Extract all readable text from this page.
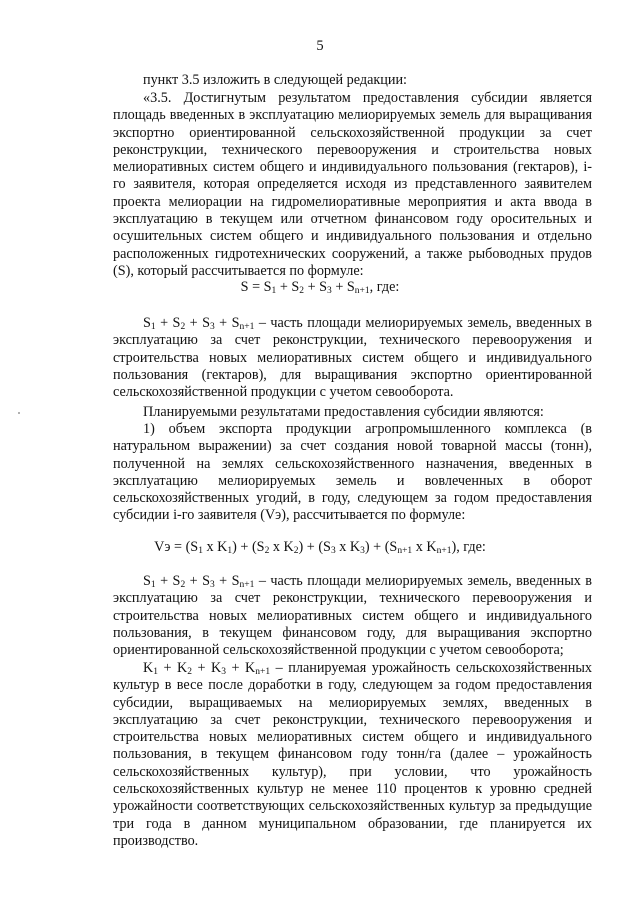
5
пункт 3.5 изложить в следующей редакции:
«3.5. Достигнутым результатом предоставления субсидии является площадь введенных в эксплуатацию мелиорируемых земель для выращивания экспортно ориентированной сельскохозяйственной продукции за счет реконструкции, технического перевооружения и строительства новых мелиоративных систем общего и индивидуального пользования (гектаров), i-го заявителя, которая определяется исходя из представленного заявителем проекта мелиорации на гидромелиоративные мероприятия и акта ввода в эксплуатацию в текущем или отчетном финансовом году оросительных и осушительных систем общего и индивидуального пользования и отдельно расположенных гидротехнических сооружений, а также рыбоводных прудов (S), который рассчитывается по формуле:
$S = S_1 + S_2 + S_3 + S_{n+1}$, где:
$S_1 + S_2 + S_3 + S_{n+1}$ – часть площади мелиорируемых земель, введенных в эксплуатацию за счет реконструкции, технического перевооружения и строительства новых мелиоративных систем общего и индивидуального пользования (гектаров), для выращивания экспортно ориентированной сельскохозяйственной продукции с учетом севооборота.
Планируемыми результатами предоставления субсидии являются:
1) объем экспорта продукции агропромышленного комплекса (в натуральном выражении) за счет создания новой товарной массы (тонн), полученной на землях сельскохозяйственного назначения, введенных в эксплуатацию мелиорируемых земель и вовлеченных в оборот сельскохозяйственных угодий, в году, следующем за годом предоставления субсидии i-го заявителя (Vэ), рассчитывается по формуле:
Vэ = ($S_1$ x $K_1) + (S_2$ x $K_2) + (S_3$ x $K_3) + (S_{n+1}$ x $K_{n+1}$), где:
$S_1 + S_2 + S_3 + S_{n+1}$ – часть площади мелиорируемых земель, введенных в эксплуатацию за счет реконструкции, технического перевооружения и строительства новых мелиоративных систем общего и индивидуального пользования, в текущем финансовом году, для выращивания экспортно ориентированной сельскохозяйственной продукции с учетом севооборота;
$K_1 + K_2 + K_3 + K_{n+1}$ – планируемая урожайность сельскохозяйственных культур в весе после доработки в году, следующем за годом предоставления субсидии, выращиваемых на мелиорируемых землях, введенных в эксплуатацию за счет реконструкции, технического перевооружения и строительства новых мелиоративных систем общего и индивидуального пользования, в текущем финансовом году тонн/га (далее – урожайность сельскохозяйственных культур), при условии, что урожайность сельскохозяйственных культур не менее 110 процентов к уровню средней урожайности соответствующих сельскохозяйственных культур за предыдущие три года в данном муниципальном образовании, где планируется их производство.
